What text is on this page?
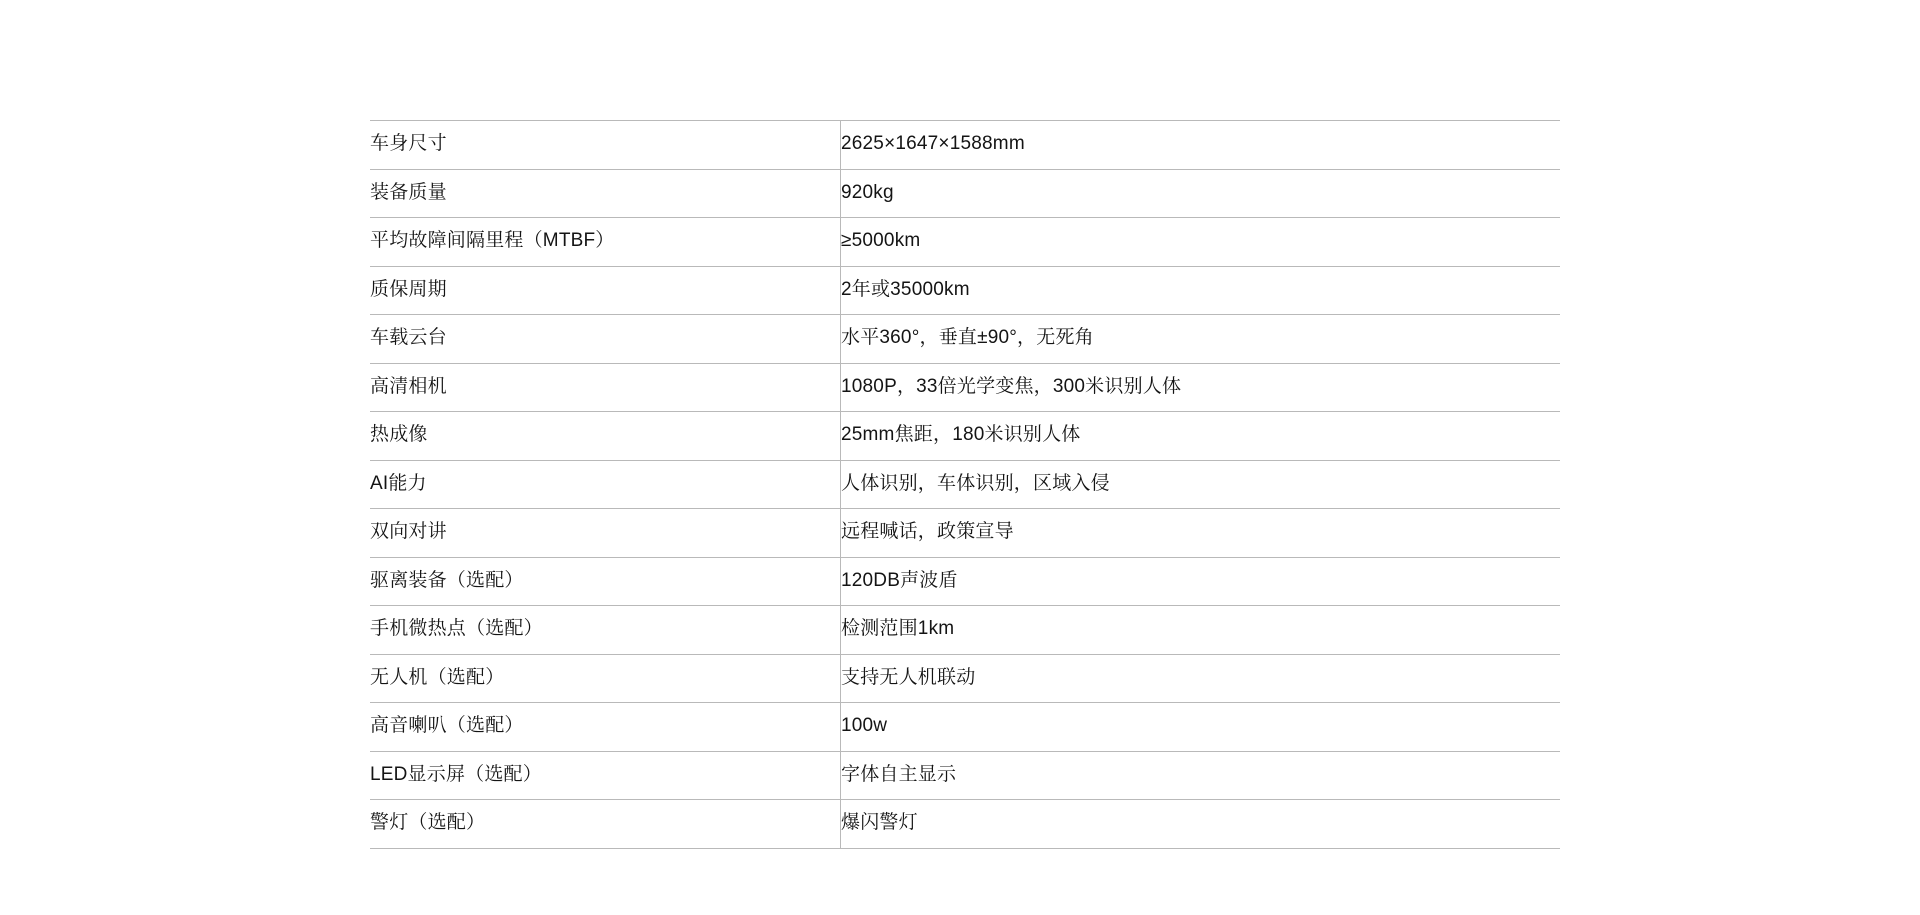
车身尺寸	2625×1647×1588mm
装备质量	920kg
平均故障间隔里程（MTBF）	≥5000km
质保周期	2年或35000km
车载云台	水平360°，垂直±90°，无死角
高清相机	1080P，33倍光学变焦，300米识别人体
热成像	25mm焦距，180米识别人体
AI能力	人体识别，车体识别，区域入侵
双向对讲	远程喊话，政策宣导
驱离装备（选配）	120DB声波盾
手机微热点（选配）	检测范围1km
无人机（选配）	支持无人机联动
高音喇叭（选配）	100w
LED显示屏（选配）	字体自主显示
警灯（选配）	爆闪警灯
